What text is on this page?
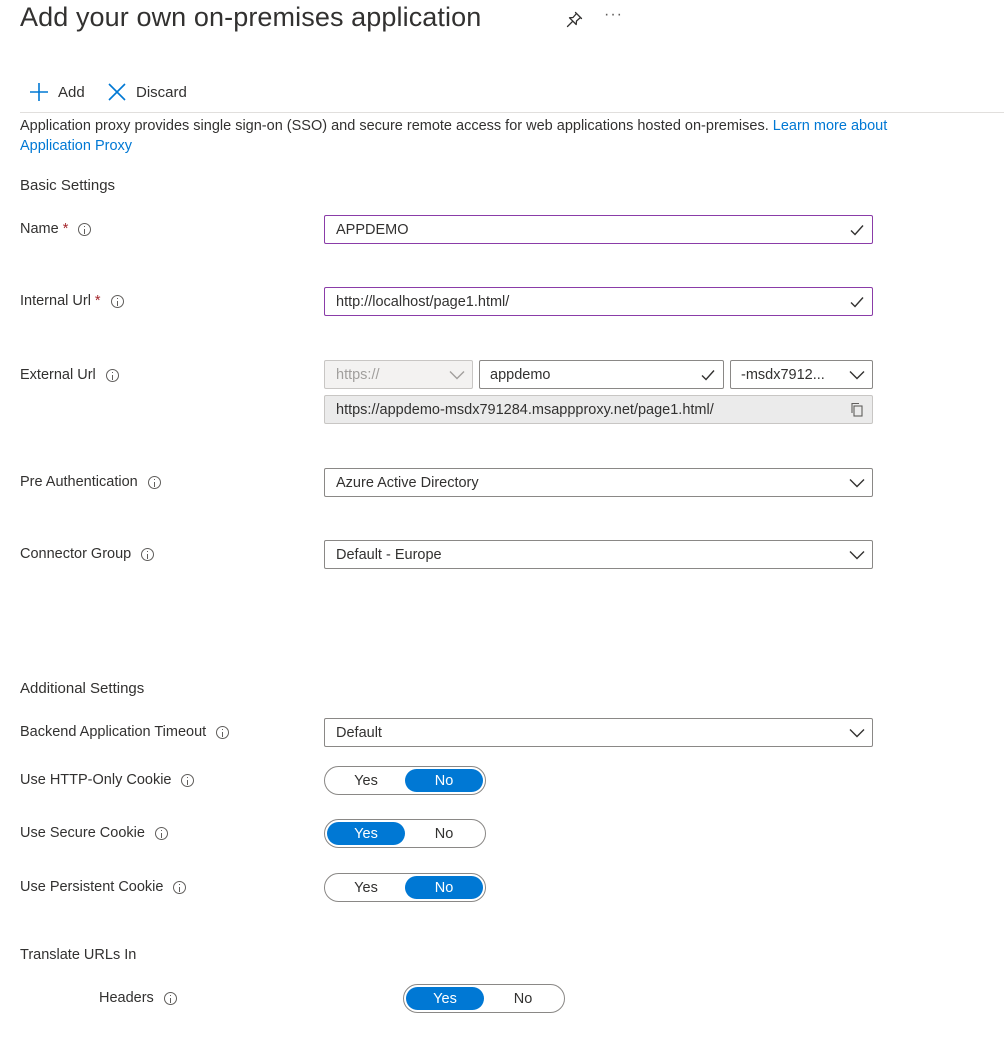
Add your own on-premises application	···
Add	Discard
Application proxy provides single sign-on (SSO) and secure remote access for web applications hosted on-premises. Learn more about Application Proxy
Basic Settings
Name *	APPDEMO
Internal Url *	http://localhost/page1.html/
External Url	https://	appdemo	-msdx7912...
https://appdemo-msdx791284.msappproxy.net/page1.html/
Pre Authentication	Azure Active Directory
Connector Group	Default - Europe
Additional Settings
Backend Application Timeout	Default
Use HTTP-Only Cookie	Yes	No
Use Secure Cookie	Yes	No
Use Persistent Cookie	Yes	No
Translate URLs In
Headers	Yes	No
